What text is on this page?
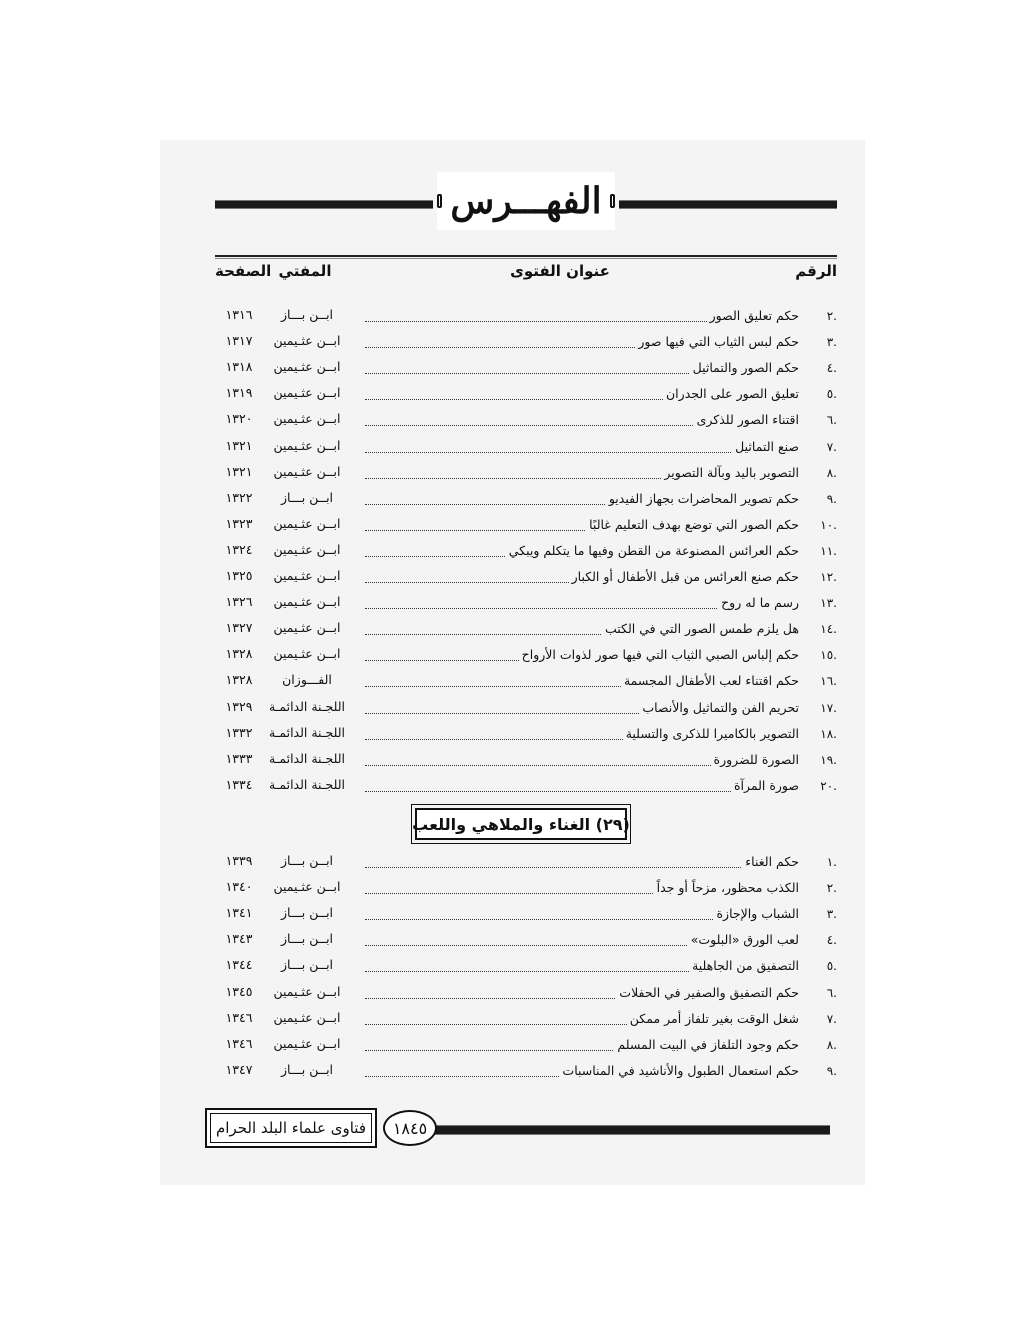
الفهـــرس
الرقم
عنوان الفتوى
المفتي
الصفحة
٢.
حكم تعليق الصور
ابــن بـــاز
١٣١٦
٣.
حكم لبس الثياب التي فيها صور
ابــن عثـيمين
١٣١٧
٤.
حكم الصور والتماثيل
ابــن عثـيمين
١٣١٨
٥.
تعليق الصور على الجدران
ابــن عثـيمين
١٣١٩
٦.
اقتناء الصور للذكرى
ابــن عثـيمين
١٣٢٠
٧.
صنع التماثيل
ابــن عثـيمين
١٣٢١
٨.
التصوير باليد وبآلة التصوير
ابــن عثـيمين
١٣٢١
٩.
حكم تصوير المحاضرات بجهاز الفيديو
ابــن بـــاز
١٣٢٢
١٠.
حكم الصور التي توضع بهدف التعليم غالبًا
ابــن عثـيمين
١٣٢٣
١١.
حكم العرائس المصنوعة من القطن وفيها ما يتكلم ويبكي
ابــن عثـيمين
١٣٢٤
١٢.
حكم صنع العرائس من قبل الأطفال أو الكبار
ابــن عثـيمين
١٣٢٥
١٣.
رسم ما له روح
ابــن عثـيمين
١٣٢٦
١٤.
هل يلزم طمس الصور التي في الكتب
ابــن عثـيمين
١٣٢٧
١٥.
حكم إلباس الصبي الثياب التي فيها صور لذوات الأرواح
ابــن عثـيمين
١٣٢٨
١٦.
حكم اقتناء لعب الأطفال المجسمة
الفـــوزان
١٣٢٨
١٧.
تحريم الفن والتماثيل والأنصاب
اللجـنة الدائمـة
١٣٢٩
١٨.
التصوير بالكاميرا للذكرى والتسلية
اللجـنة الدائمـة
١٣٣٢
١٩.
الصورة للضرورة
اللجـنة الدائمـة
١٣٣٣
٢٠.
صورة المرآة
اللجـنة الدائمـة
١٣٣٤
(٢٩) الغناء والملاهي واللعب
١.
حكم الغناء
ابــن بـــاز
١٣٣٩
٢.
الكذب محظور، مزحاً أو جداً
ابــن عثـيمين
١٣٤٠
٣.
الشباب والإجازة
ابــن بـــاز
١٣٤١
٤.
لعب الورق «البلوت»
ابــن بـــاز
١٣٤٣
٥.
التصفيق من الجاهلية
ابــن بـــاز
١٣٤٤
٦.
حكم التصفيق والصفير في الحفلات
ابــن عثـيمين
١٣٤٥
٧.
شغل الوقت بغير تلفاز أمر ممكن
ابــن عثـيمين
١٣٤٦
٨.
حكم وجود التلفاز في البيت المسلم
ابــن عثـيمين
١٣٤٦
٩.
حكم استعمال الطبول والأناشيد في المناسبات
ابــن بـــاز
١٣٤٧
١٨٤٥
فتاوى علماء البلد الحرام
